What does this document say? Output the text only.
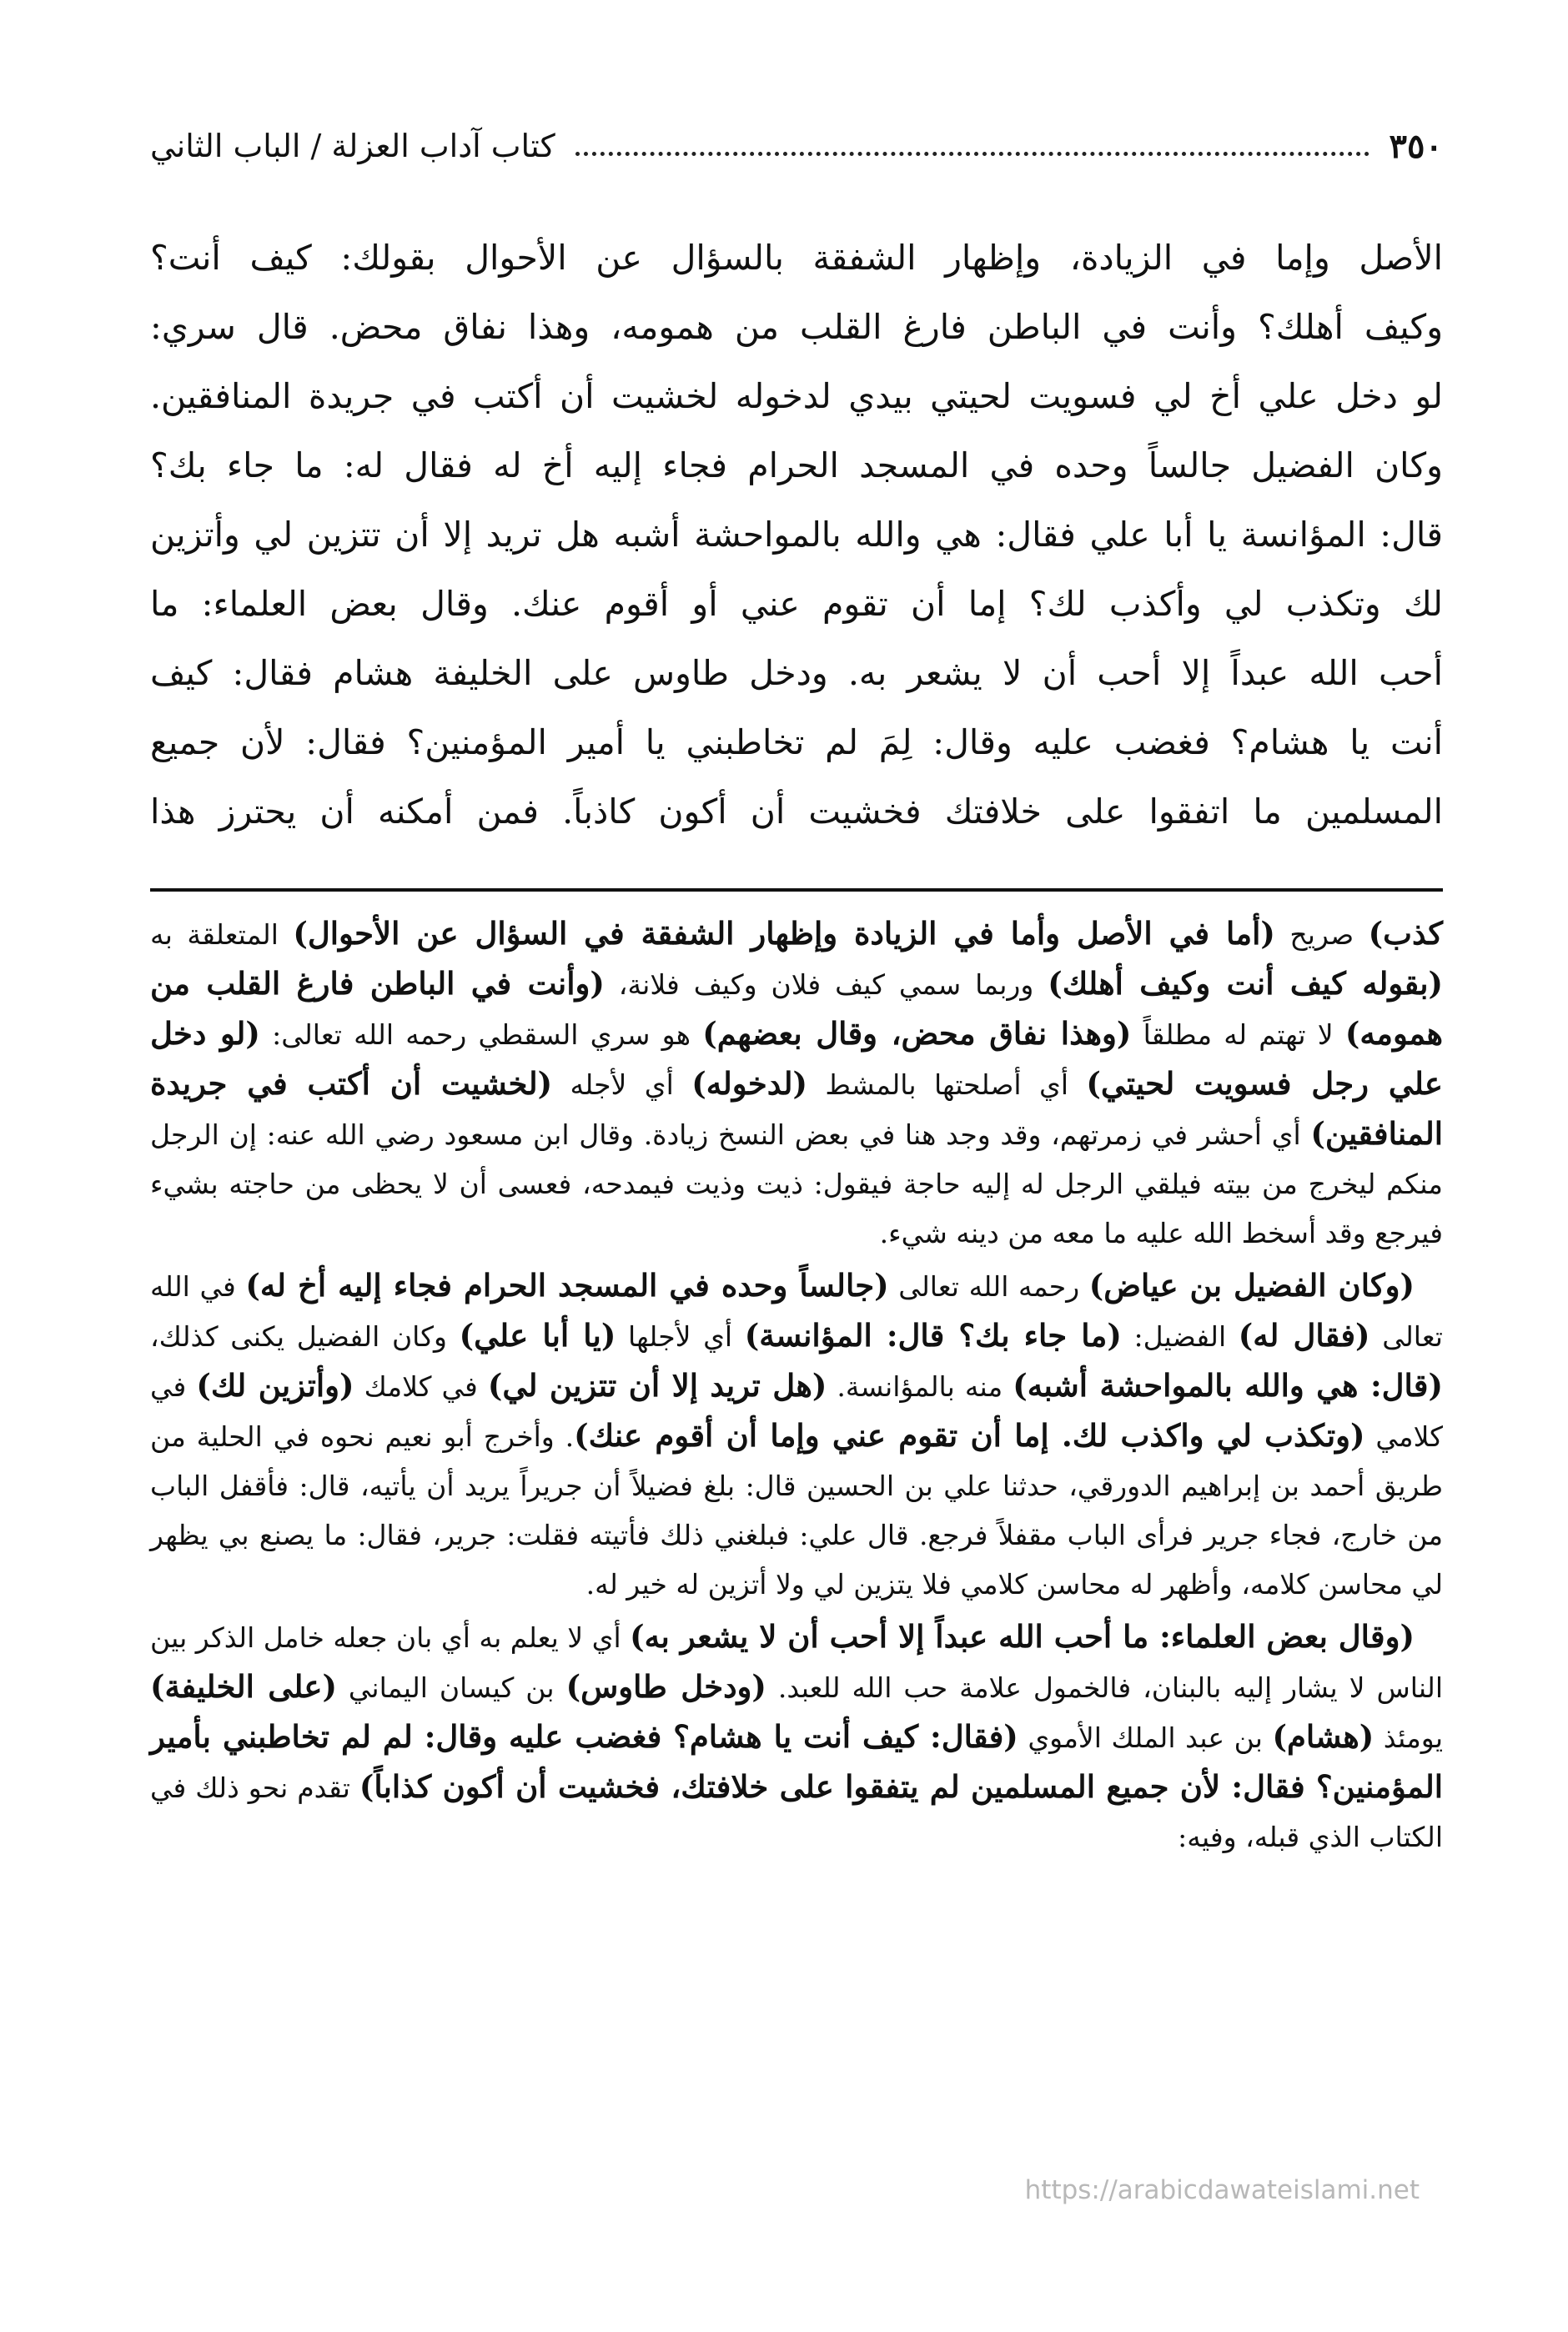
٣٥٠
كتاب آداب العزلة / الباب الثاني

الأصل وإما في الزيادة، وإظهار الشفقة بالسؤال عن الأحوال بقولك: كيف أنت؟

وكيف أهلك؟ وأنت في الباطن فارغ القلب من همومه، وهذا نفاق محض. قال سري:

لو دخل علي أخ لي فسويت لحيتي بيدي لدخوله لخشيت أن أكتب في جريدة المنافقين.

وكان الفضيل جالساً وحده في المسجد الحرام فجاء إليه أخ له فقال له: ما جاء بك؟

قال: المؤانسة يا أبا علي فقال: هي والله بالمواحشة أشبه هل تريد إلا أن تتزين لي وأتزين

لك وتكذب لي وأكذب لك؟ إما أن تقوم عني أو أقوم عنك. وقال بعض العلماء: ما

أحب الله عبداً إلا أحب أن لا يشعر به. ودخل طاوس على الخليفة هشام فقال: كيف

أنت يا هشام؟ فغضب عليه وقال: لِمَ لم تخاطبني يا أمير المؤمنين؟ فقال: لأن جميع

المسلمين ما اتفقوا على خلافتك فخشيت أن أكون كاذباً. فمن أمكنه أن يحترز هذا

كذب) صريح (أما في الأصل وأما في الزيادة وإظهار الشفقة في السؤال عن الأحوال) المتعلقة به (بقوله كيف أنت وكيف أهلك) وربما سمي كيف فلان وكيف فلانة، (وأنت في الباطن فارغ القلب من همومه) لا تهتم له مطلقاً (وهذا نفاق محض، وقال بعضهم) هو سري السقطي رحمه الله تعالى: (لو دخل علي رجل فسويت لحيتي) أي أصلحتها بالمشط (لدخوله) أي لأجله (لخشيت أن أكتب في جريدة المنافقين) أي أحشر في زمرتهم، وقد وجد هنا في بعض النسخ زيادة. وقال ابن مسعود رضي الله عنه: إن الرجل منكم ليخرج من بيته فيلقي الرجل له إليه حاجة فيقول: ذيت وذيت فيمدحه، فعسى أن لا يحظى من حاجته بشيء فيرجع وقد أسخط الله عليه ما معه من دينه شيء.

(وكان الفضيل بن عياض) رحمه الله تعالى (جالساً وحده في المسجد الحرام فجاء إليه أخ له) في الله تعالى (فقال له) الفضيل: (ما جاء بك؟ قال: المؤانسة) أي لأجلها (يا أبا علي) وكان الفضيل يكنى كذلك، (قال: هي والله بالمواحشة أشبه) منه بالمؤانسة. (هل تريد إلا أن تتزين لي) في كلامك (وأتزين لك) في كلامي (وتكذب لي واكذب لك. إما أن تقوم عني وإما أن أقوم عنك). وأخرج أبو نعيم نحوه في الحلية من طريق أحمد بن إبراهيم الدورقي، حدثنا علي بن الحسين قال: بلغ فضيلاً أن جريراً يريد أن يأتيه، قال: فأقفل الباب من خارج، فجاء جرير فرأى الباب مقفلاً فرجع. قال علي: فبلغني ذلك فأتيته فقلت: جرير، فقال: ما يصنع بي يظهر لي محاسن كلامه، وأظهر له محاسن كلامي فلا يتزين لي ولا أتزين له خير له.

(وقال بعض العلماء: ما أحب الله عبداً إلا أحب أن لا يشعر به) أي لا يعلم به أي بان جعله خامل الذكر بين الناس لا يشار إليه بالبنان، فالخمول علامة حب الله للعبد. (ودخل طاوس) بن كيسان اليماني (على الخليفة) يومئذ (هشام) بن عبد الملك الأموي (فقال: كيف أنت يا هشام؟ فغضب عليه وقال: لم لم تخاطبني بأمير المؤمنين؟ فقال: لأن جميع المسلمين لم يتفقوا على خلافتك، فخشيت أن أكون كذاباً) تقدم نحو ذلك في الكتاب الذي قبله، وفيه:

https://arabicdawateislami.net
